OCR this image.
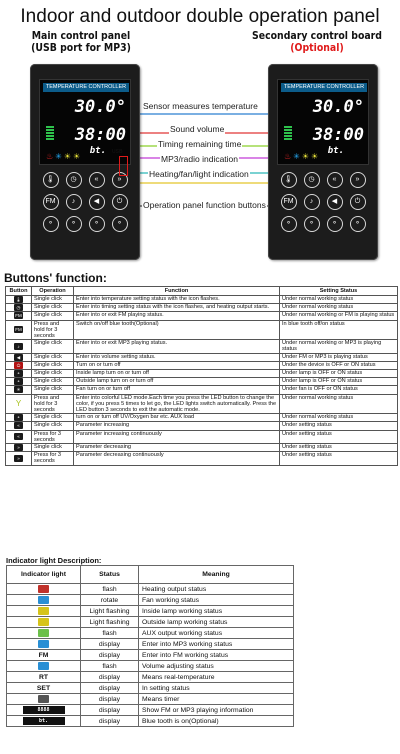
Indoor and outdoor double operation panel
Main control panel
(USB port for MP3)
Secondary control board
(Optional)
Sensor measures temperature
Sound volume
Timing remaining time
MP3/radio indication
Heating/fan/light indication
Operation panel function buttons
TEMPERATURE CONTROLLER
30.0°
38:00
bt.
♨✳☀☀
🌡	◷	«	»
FM	♪	◀	⏻
⚬	⚬	⚬	⚬
USB
TEMPERATURE CONTROLLER
30.0°
38:00
bt.
♨✳☀☀
🌡	◷	«	»
FM	♪	◀	⏻
⚬	⚬	⚬	⚬
Buttons' function:
Button	Operation	Function	Setting Status
🌡	Single click	Enter into temperature setting status with the icon flashes.	Under normal working status
◷	Single click	Enter into timing setting status with the icon flashes, and heating output starts.	Under normal working status
FM	Single click	Enter into or exit FM playing status.	Under normal working or FM is playing status
FM	Press and hold for 3 seconds	Switch on/off blue tooth(Optional)	In blue tooth off/on status
♪	Single click	Enter into or exit MP3 playing status.	Under normal working or MP3 is playing status
◀	Single click	Enter into volume setting status.	Under FM or MP3 is playing status
⏻	Single click	Turn on or turn off	Under the device is OFF or ON status
⚬	Single click	Inside lamp turn on or turn off	Under lamp is OFF or ON status
⚬	Single click	Outside lamp turn on or turn off	Under lamp is OFF or ON status
✳	Single click	Fan turn on or turn off	Under fan is OFF or ON status
Y	Press and hold for 3 seconds	Enter into colorful LED mode.Each time you press the LED button to change the color, if you press 5 times to let go, the LED lights switch automatically. Press the LED button 3 seconds to exit the automatic mode.	Under normal working status
⚬	Single click	turn on or turn off UV/Oxygen bar etc. AUX load	Under normal working status
«	Single click	Parameter increasing	Under setting status
«	Press for 3 seconds	Parameter increasing continuously	Under setting status
»	Single click	Parameter decreasing	Under setting status
»	Press for 3 seconds	Parameter decreasing continuously	Under setting status
Indicator light Description:
Indicator light	Status	Meaning
	flash	Heating output status
	rotate	Fan working status
	Light flashing	Inside lamp working status
	Light flashing	Outside lamp working status
	flash	AUX output working status
	display	Enter into MP3 working status
FM	display	Enter into FM working status
	flash	Volume adjusting status
RT	display	Means real-temperature
SET	display	In setting status
	display	Means timer
8888	display	Show FM or MP3 playing information
bt.	display	Blue tooth is on(Optional)
